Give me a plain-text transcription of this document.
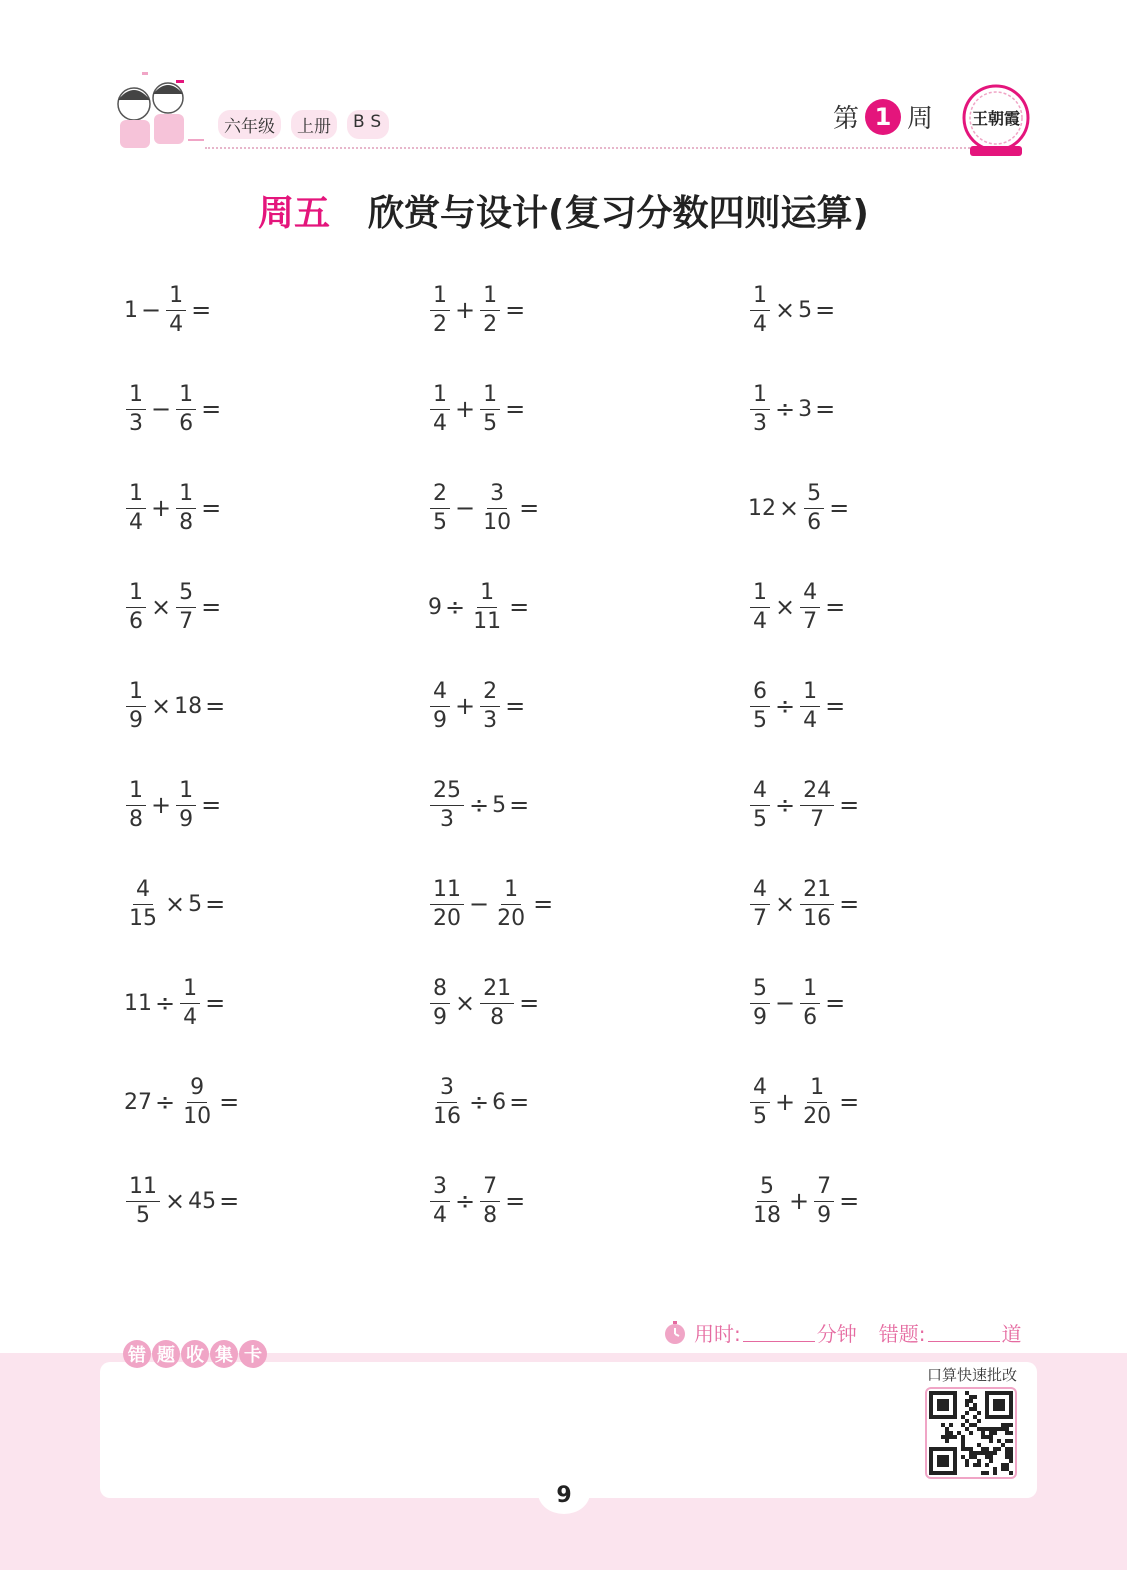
六年级	上册	BS	第 1 周 王朝霞
周五 欣赏与设计(复习分数四则运算)
$1 - \frac{1}{4}$ =	$\frac{1}{2} + \frac{1}{2}$ =	$\frac{1}{4} \times 5$ =
$\frac{1}{3} - \frac{1}{6}$ =	$\frac{1}{4} + \frac{1}{5}$ =	$\frac{1}{3} \div 3$ =
$\frac{1}{4} + \frac{1}{8}$ =	$\frac{2}{5} - \frac{3}{10}$ =	$12 \times \frac{5}{6}$ =
$\frac{1}{6} \times \frac{5}{7}$ =	$9 \div \frac{1}{11}$ =	$\frac{1}{4} \times \frac{4}{7}$ =
$\frac{1}{9} \times 18$ =	$\frac{4}{9} + \frac{2}{3}$ =	$\frac{6}{5} \div \frac{1}{4}$ =
$\frac{1}{8} + \frac{1}{9}$ =	$\frac{25}{3} \div 5$ =	$\frac{4}{5} \div \frac{24}{7}$ =
$\frac{4}{15} \times 5$ =	$\frac{11}{20} - \frac{1}{20}$ =	$\frac{4}{7} \times \frac{21}{16}$ =
$11 \div \frac{1}{4}$ =	$\frac{8}{9} \times \frac{21}{8}$ =	$\frac{5}{9} - \frac{1}{6}$ =
$27 \div \frac{9}{10}$ =	$\frac{3}{16} \div 6$ =	$\frac{4}{5} + \frac{1}{20}$ =
$\frac{11}{5} \times 45$ =	$\frac{3}{4} \div \frac{7}{8}$ =	$\frac{5}{18} + \frac{7}{9}$ =
用时:	分钟 错题:	道
错 题 收 集 卡
口算快速批改
9
